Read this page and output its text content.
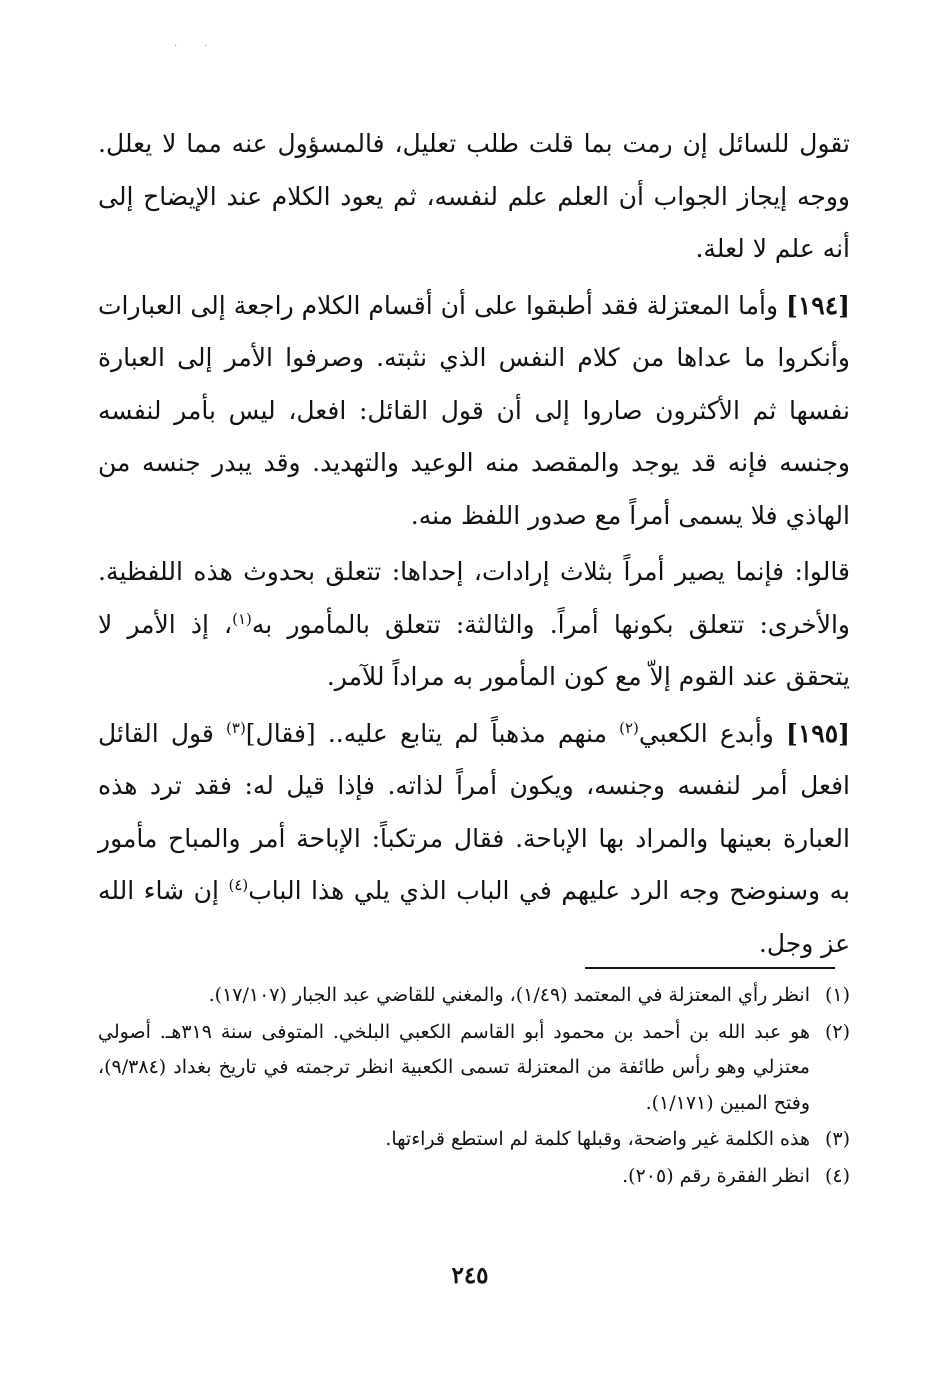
. .

تقول للسائل إن رمت بما قلت طلب تعليل، فالمسؤول عنه مما لا يعلل. ووجه إيجاز الجواب أن العلم علم لنفسه، ثم يعود الكلام عند الإيضاح إلى أنه علم لا لعلة.

[١٩٤] وأما المعتزلة فقد أطبقوا على أن أقسام الكلام راجعة إلى العبارات وأنكروا ما عداها من كلام النفس الذي نثبته. وصرفوا الأمر إلى العبارة نفسها ثم الأكثرون صاروا إلى أن قول القائل: افعل، ليس بأمر لنفسه وجنسه فإنه قد يوجد والمقصد منه الوعيد والتهديد. وقد يبدر جنسه من الهاذي فلا يسمى أمراً مع صدور اللفظ منه.

قالوا: فإنما يصير أمراً بثلاث إرادات، إحداها: تتعلق بحدوث هذه اللفظية. والأخرى: تتعلق بكونها أمراً. والثالثة: تتعلق بالمأمور به$^{(١)}$، إذ الأمر لا يتحقق عند القوم إلاّ مع كون المأمور به مراداً للآمر.

[١٩٥] وأبدع الكعبي$^{(٢)}$ منهم مذهباً لم يتابع عليه.. [فقال]$^{(٣)}$ قول القائل افعل أمر لنفسه وجنسه، ويكون أمراً لذاته. فإذا قيل له: فقد ترد هذه العبارة بعينها والمراد بها الإباحة. فقال مرتكباً: الإباحة أمر والمباح مأمور به وسنوضح وجه الرد عليهم في الباب الذي يلي هذا الباب$^{(٤)}$ إن شاء الله عز وجل.

(١)
انظر رأي المعتزلة في المعتمد (١/٤٩)، والمغني للقاضي عبد الجبار (١٧/١٠٧).
(٢)
هو عبد الله بن أحمد بن محمود أبو القاسم الكعبي البلخي. المتوفى سنة ٣١٩هـ. أصولي معتزلي وهو رأس طائفة من المعتزلة تسمى الكعبية انظر ترجمته في تاريخ بغداد (٩/٣٨٤)، وفتح المبين (١/١٧١).
(٣)
هذه الكلمة غير واضحة، وقبلها كلمة لم استطع قراءتها.
(٤)
انظر الفقرة رقم (٢٠٥).
٢٤٥
